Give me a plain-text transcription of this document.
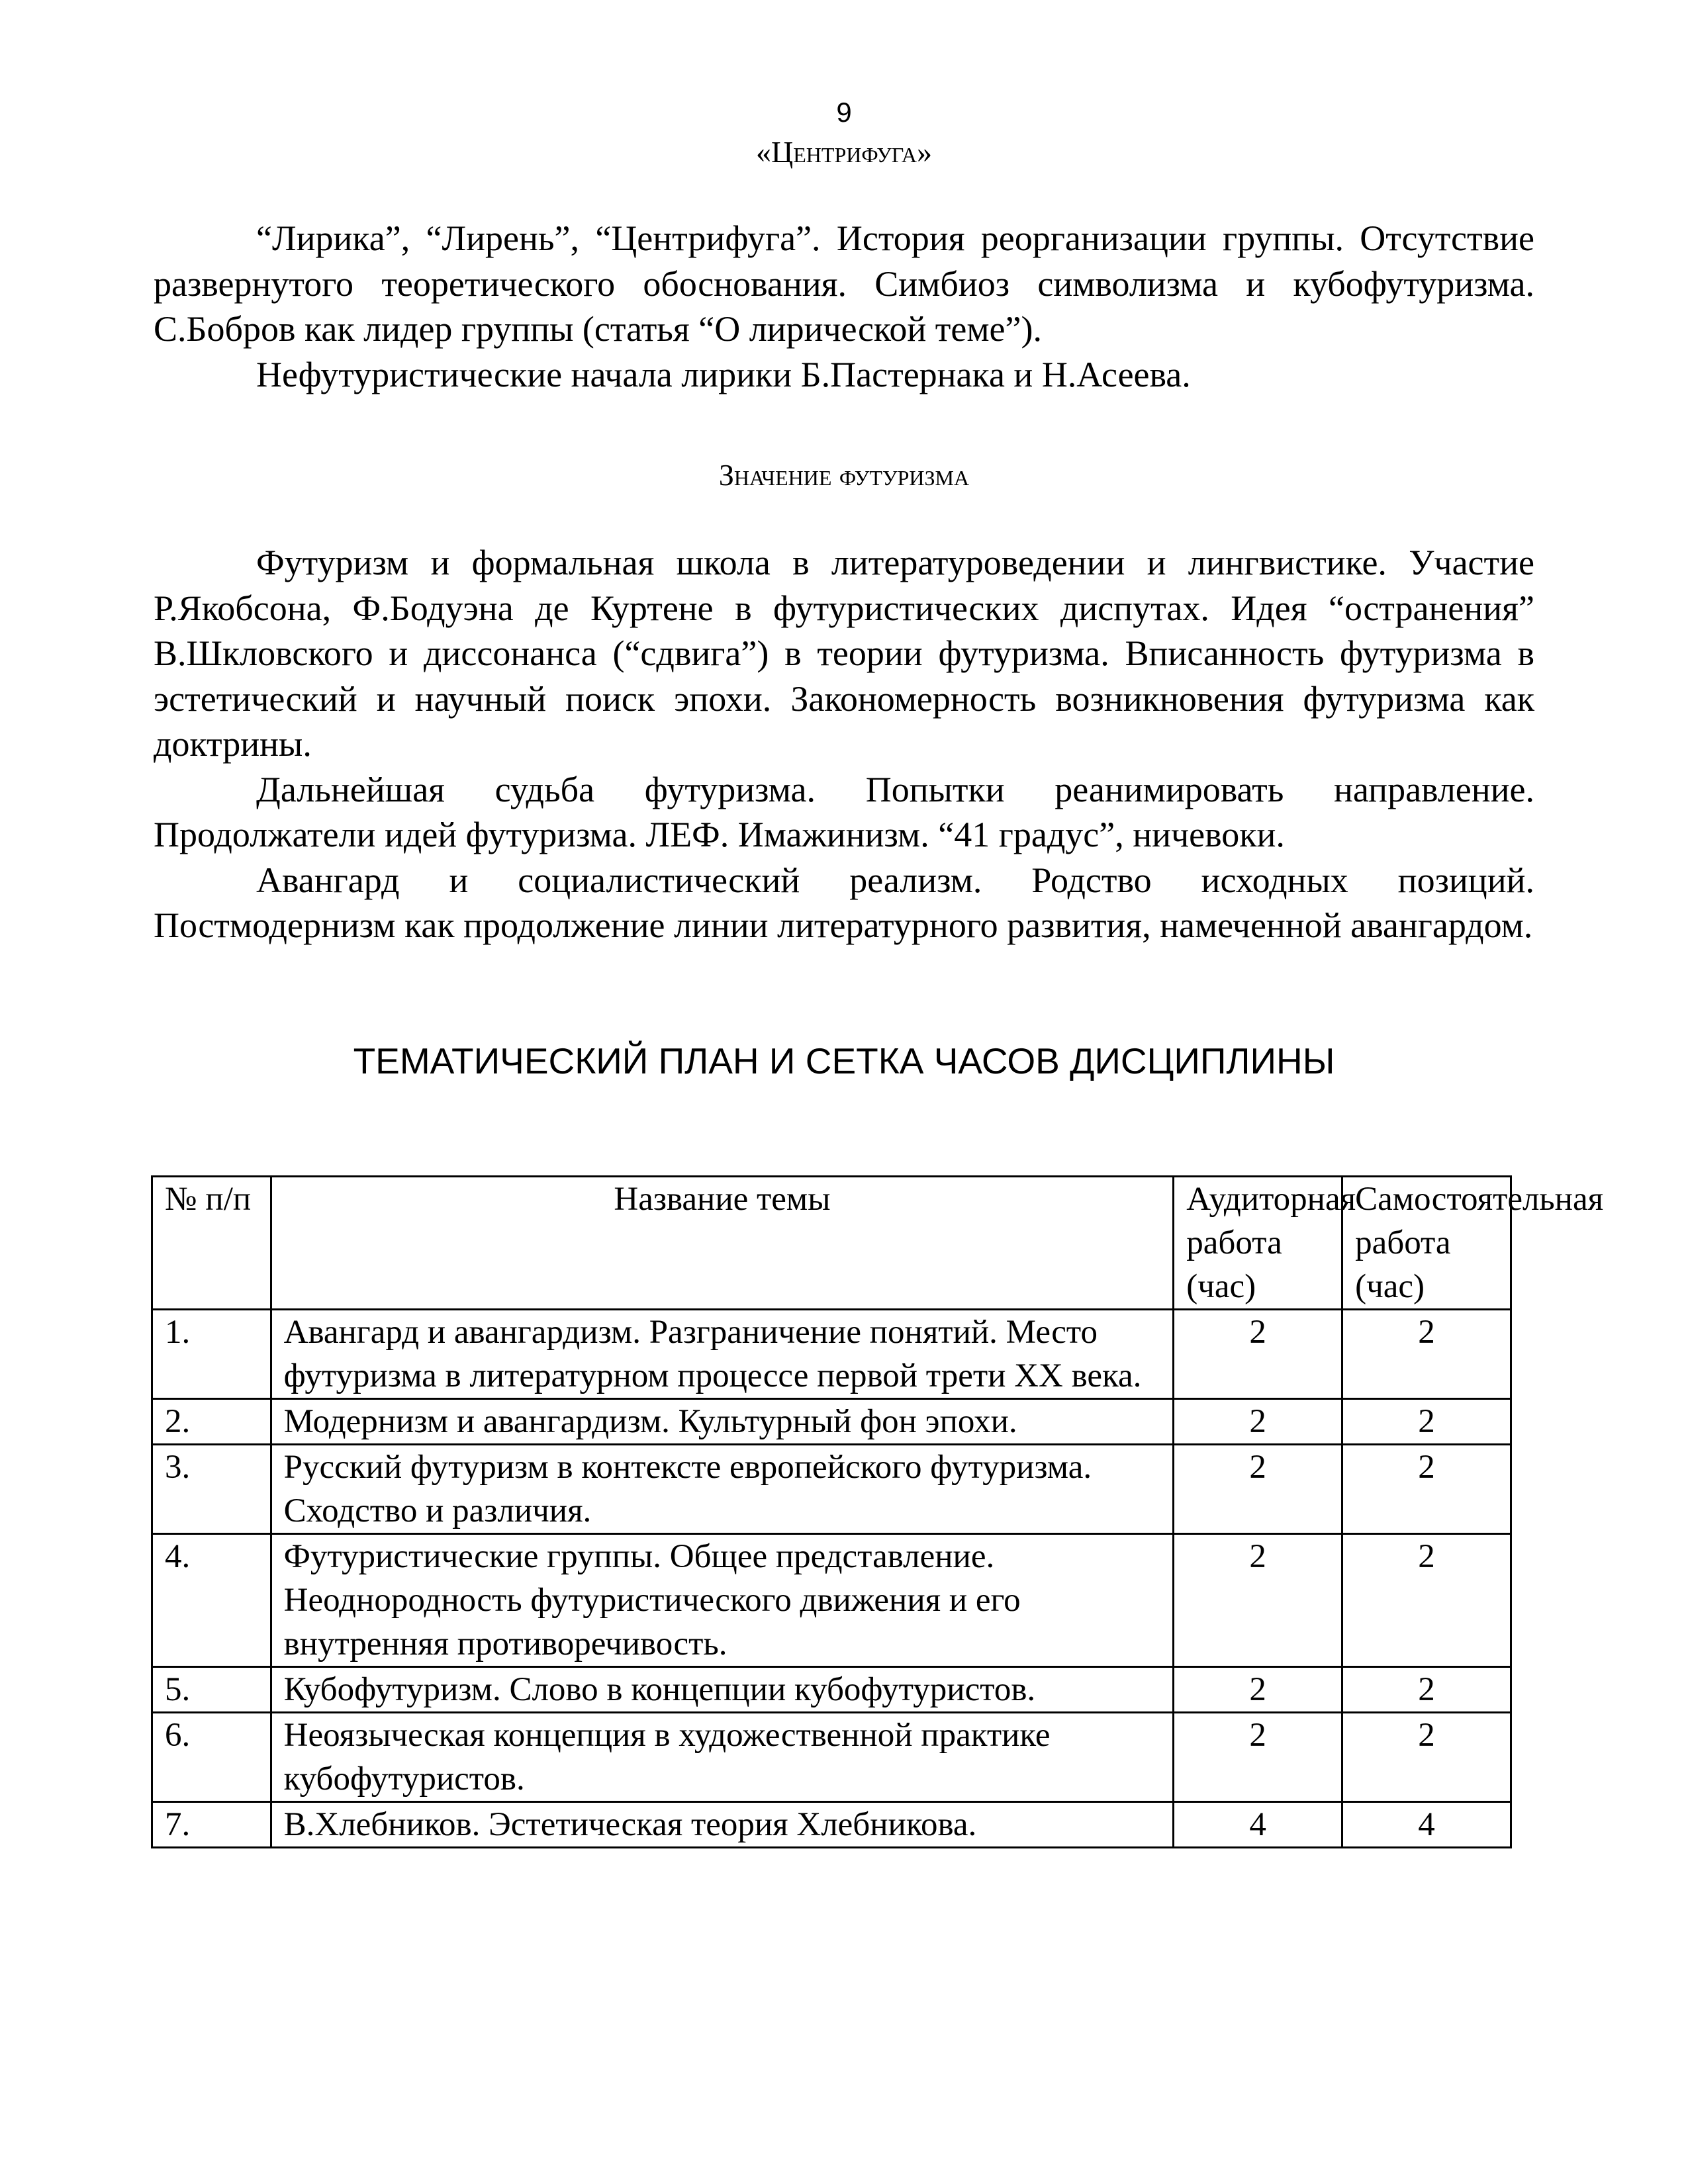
9
«Центрифуга»

“Лирика”, “Лирень”, “Центрифуга”. История реорганизации группы. Отсутствие развернутого теоретического обоснования. Симбиоз символизма и кубофутуризма. С.Бобров как лидер группы (статья “О лирической теме”).

Нефутуристические начала лирики Б.Пастернака и Н.Асеева.

Значение футуризма

Футуризм и формальная школа в литературоведении и лингвистике. Участие Р.Якобсона, Ф.Бодуэна де Куртене в футуристических диспутах. Идея “остранения” В.Шкловского и диссонанса (“сдвига”) в теории футуризма. Вписанность футуризма в эстетический и научный поиск эпохи. Закономерность возникновения футуризма как доктрины.

Дальнейшая судьба футуризма. Попытки реанимировать направление. Продолжатели идей футуризма. ЛЕФ. Имажинизм. “41 градус”, ничевоки.

Авангард и социалистический реализм. Родство исходных позиций. Постмодернизм как продолжение линии литературного развития, намеченной авангардом.

ТЕМАТИЧЕСКИЙ ПЛАН И СЕТКА ЧАСОВ ДИСЦИПЛИНЫ
№ п/п	Название темы	Аудиторная работа (час)	Самостоятельная работа (час)
1.	Авангард и авангардизм. Разграничение понятий. Место футуризма в литературном процессе первой трети XX века.	2	2
2.	Модернизм и авангардизм. Культурный фон эпохи.	2	2
3.	Русский футуризм в контексте европейского футуризма. Сходство и различия.	2	2
4.	Футуристические группы. Общее представление. Неоднородность футуристического движения и его внутренняя противоречивость.	2	2
5.	Кубофутуризм. Слово в концепции кубофутуристов.	2	2
6.	Неоязыческая концепция в художественной практике кубофутуристов.	2	2
7.	В.Хлебников. Эстетическая теория Хлебникова.	4	4
